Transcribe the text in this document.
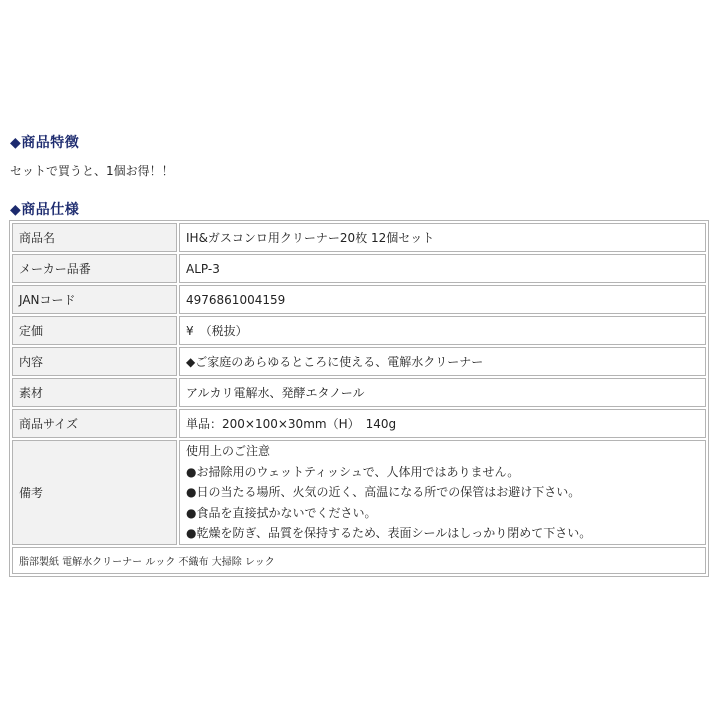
◆商品特徴
セットで買うと、1個お得！！
◆商品仕様
商品名	IH&ガスコンロ用クリーナー20枚 12個セット
メーカー品番	ALP-3
JANコード	4976861004159
定価	¥　（税抜）
内容	◆ご家庭のあらゆるところに使える、電解水クリーナー
素材	アルカリ電解水、発酵エタノール
商品サイズ	単品：200×100×30mm（H）　140g
備考	使用上のご注意
●お掃除用のウェットティッシュで、人体用ではありません。
●日の当たる場所、火気の近く、高温になる所での保管はお避け下さい。
●食品を直接拭かないでください。
●乾燥を防ぎ、品質を保持するため、表面シールはしっかり閉めて下さい。

脂部製紙 電解水クリーナー ルック 不織布 大掃除 レック	
